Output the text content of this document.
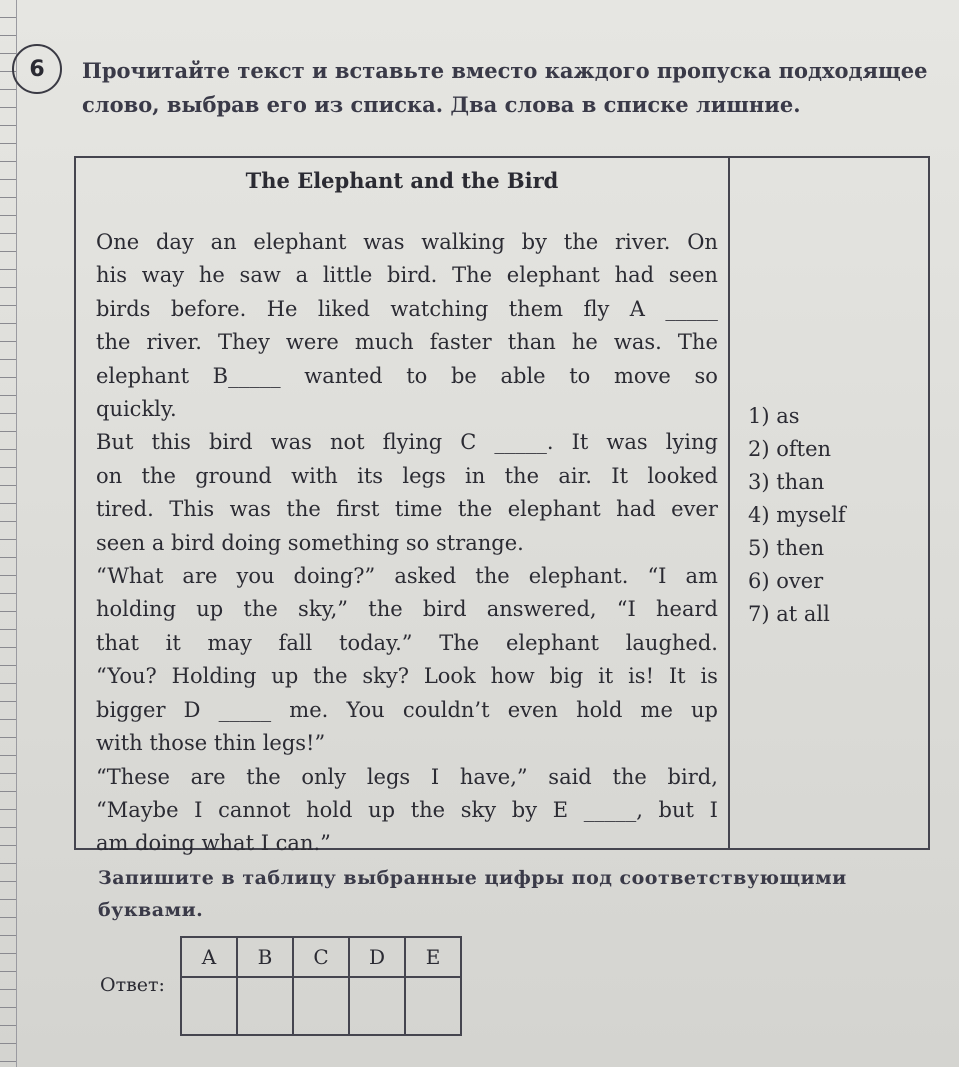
6	Прочитайте текст и вставьте вместо каждого пропуска подходящее слово, выбрав его из списка. Два слова в списке лишние.
The Elephant and the Bird
One day an elephant was walking by the river. On
his way he saw a little bird. The elephant had seen
birds before. He liked watching them fly A _____
the river. They were much faster than he was. The
elephant B_____ wanted to be able to move so
quickly.
But this bird was not flying C _____. It was lying
on the ground with its legs in the air. It looked
tired. This was the first time the elephant had ever
seen a bird doing something so strange.
“What are you doing?” asked the elephant. “I am
holding up the sky,” the bird answered, “I heard
that it may fall today.” The elephant laughed.
“You? Holding up the sky? Look how big it is! It is
bigger D _____ me. You couldn’t even hold me up
with those thin legs!”
“These are the only legs I have,” said the bird,
“Maybe I cannot hold up the sky by E _____, but I
am doing what I can.”
1) as
2) often
3) than
4) myself
5) then
6) over
7) at all
Запишите в таблицу выбранные цифры под соответствующими буквами.
Ответ:
A	B	C	D	E
